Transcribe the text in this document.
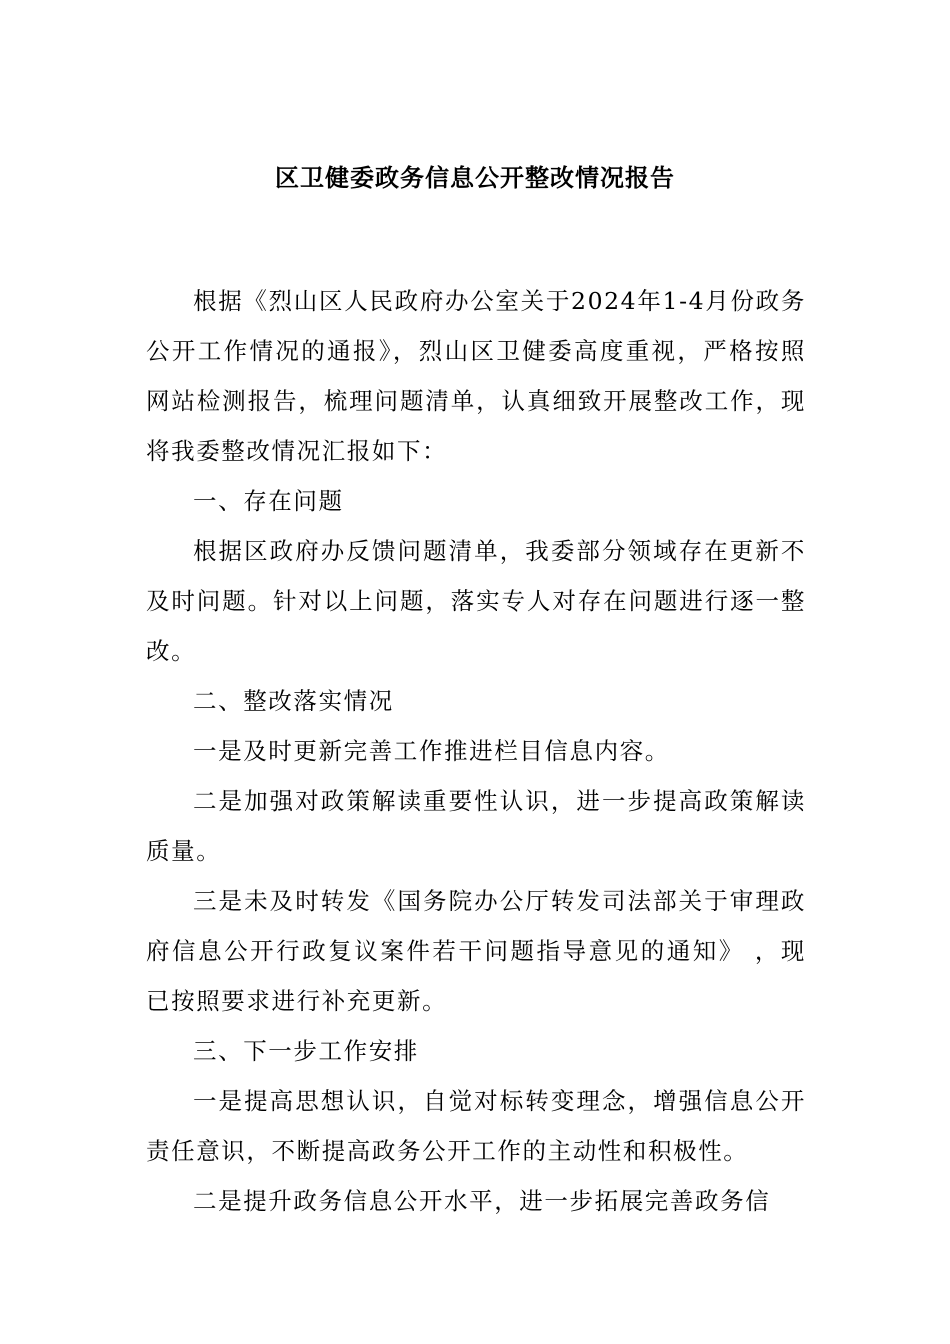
区卫健委政务信息公开整改情况报告

根据《烈山区人民政府办公室关于2024年1-4月份政务公开工作情况的通报》，烈山区卫健委高度重视，严格按照网站检测报告，梳理问题清单，认真细致开展整改工作，现将我委整改情况汇报如下：

一、存在问题

根据区政府办反馈问题清单，我委部分领域存在更新不及时问题。针对以上问题，落实专人对存在问题进行逐一整改。

二、整改落实情况

一是及时更新完善工作推进栏目信息内容。

二是加强对政策解读重要性认识，进一步提高政策解读质量。

三是未及时转发《国务院办公厅转发司法部关于审理政府信息公开行政复议案件若干问题指导意见的通知》 ，现已按照要求进行补充更新。

三、下一步工作安排

一是提高思想认识，自觉对标转变理念，增强信息公开责任意识，不断提高政务公开工作的主动性和积极性。

二是提升政务信息公开水平，进一步拓展完善政务信
